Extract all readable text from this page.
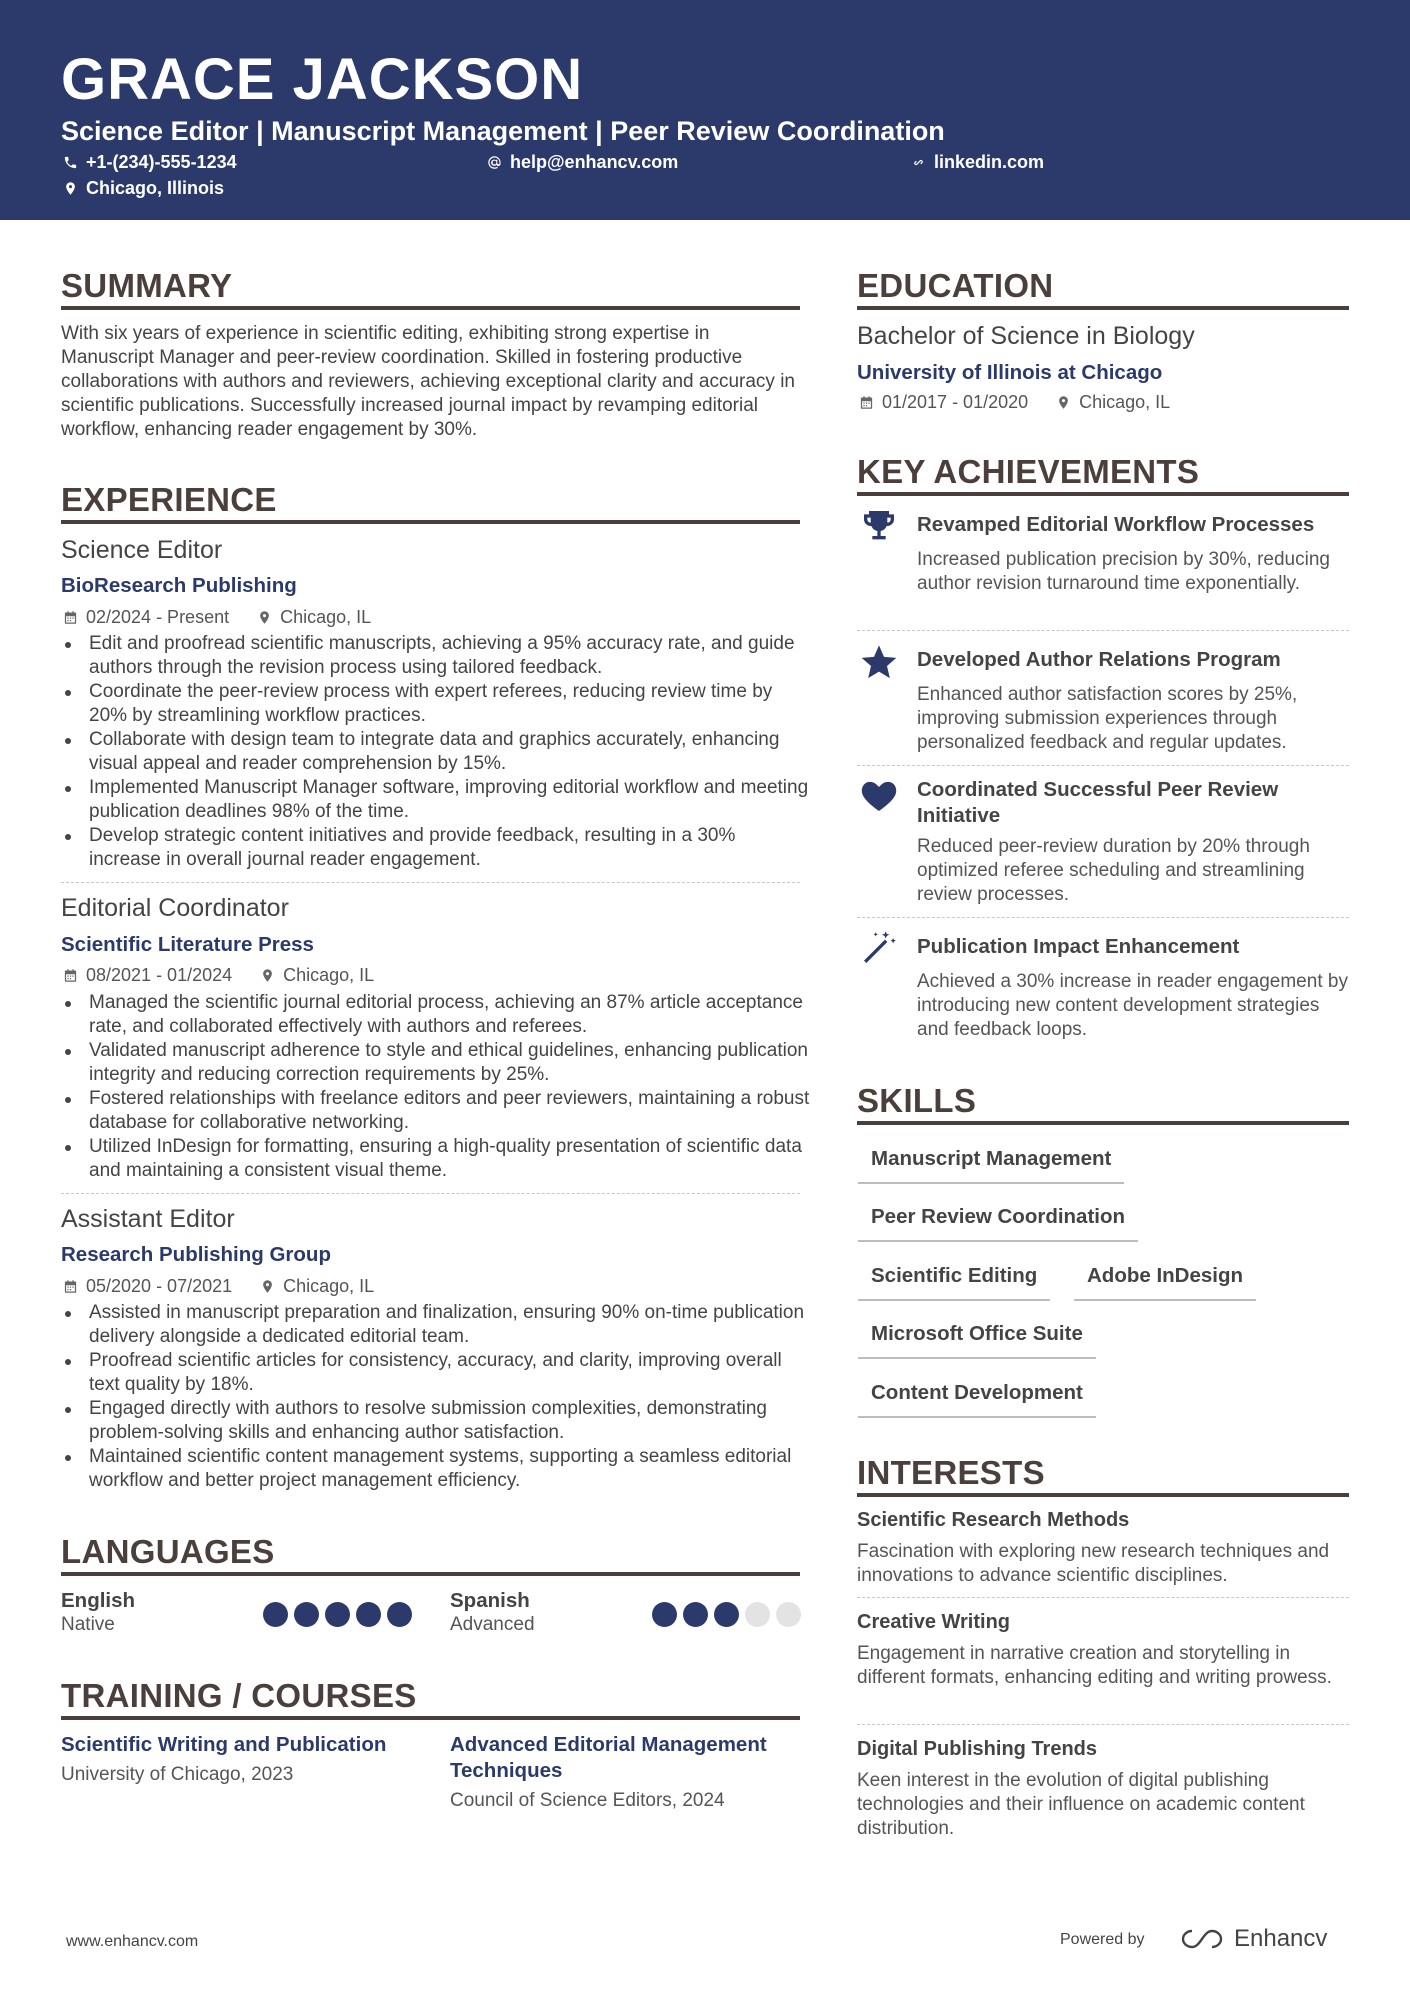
GRACE JACKSON
Science Editor | Manuscript Management | Peer Review Coordination
+1-(234)-555-1234	help@enhancv.com	linkedin.com
Chicago, Illinois
SUMMARY
With six years of experience in scientific editing, exhibiting strong expertise in Manuscript Manager and peer-review coordination. Skilled in fostering productive collaborations with authors and reviewers, achieving exceptional clarity and accuracy in scientific publications. Successfully increased journal impact by revamping editorial workflow, enhancing reader engagement by 30%.
EXPERIENCE
Science Editor
BioResearch Publishing
02/2024 - Present	Chicago, IL
Edit and proofread scientific manuscripts, achieving a 95% accuracy rate, and guide authors through the revision process using tailored feedback.
Coordinate the peer-review process with expert referees, reducing review time by 20% by streamlining workflow practices.
Collaborate with design team to integrate data and graphics accurately, enhancing visual appeal and reader comprehension by 15%.
Implemented Manuscript Manager software, improving editorial workflow and meeting publication deadlines 98% of the time.
Develop strategic content initiatives and provide feedback, resulting in a 30% increase in overall journal reader engagement.
Editorial Coordinator
Scientific Literature Press
08/2021 - 01/2024	Chicago, IL
Managed the scientific journal editorial process, achieving an 87% article acceptance rate, and collaborated effectively with authors and referees.
Validated manuscript adherence to style and ethical guidelines, enhancing publication integrity and reducing correction requirements by 25%.
Fostered relationships with freelance editors and peer reviewers, maintaining a robust database for collaborative networking.
Utilized InDesign for formatting, ensuring a high-quality presentation of scientific data and maintaining a consistent visual theme.
Assistant Editor
Research Publishing Group
05/2020 - 07/2021	Chicago, IL
Assisted in manuscript preparation and finalization, ensuring 90% on-time publication delivery alongside a dedicated editorial team.
Proofread scientific articles for consistency, accuracy, and clarity, improving overall text quality by 18%.
Engaged directly with authors to resolve submission complexities, demonstrating problem-solving skills and enhancing author satisfaction.
Maintained scientific content management systems, supporting a seamless editorial workflow and better project management efficiency.
LANGUAGES
English
Native
Spanish
Advanced
TRAINING / COURSES
Scientific Writing and Publication
University of Chicago, 2023
Advanced Editorial Management Techniques
Council of Science Editors, 2024
EDUCATION
Bachelor of Science in Biology
University of Illinois at Chicago
01/2017 - 01/2020	Chicago, IL
KEY ACHIEVEMENTS
Revamped Editorial Workflow Processes
Increased publication precision by 30%, reducing author revision turnaround time exponentially.
Developed Author Relations Program
Enhanced author satisfaction scores by 25%, improving submission experiences through personalized feedback and regular updates.
Coordinated Successful Peer Review Initiative
Reduced peer-review duration by 20% through optimized referee scheduling and streamlining review processes.
Publication Impact Enhancement
Achieved a 30% increase in reader engagement by introducing new content development strategies and feedback loops.
SKILLS
Manuscript Management
Peer Review Coordination
Scientific Editing	Adobe InDesign
Microsoft Office Suite
Content Development
INTERESTS
Scientific Research Methods
Fascination with exploring new research techniques and innovations to advance scientific disciplines.
Creative Writing
Engagement in narrative creation and storytelling in different formats, enhancing editing and writing prowess.
Digital Publishing Trends
Keen interest in the evolution of digital publishing technologies and their influence on academic content distribution.
www.enhancv.com	Powered by	Enhancv
